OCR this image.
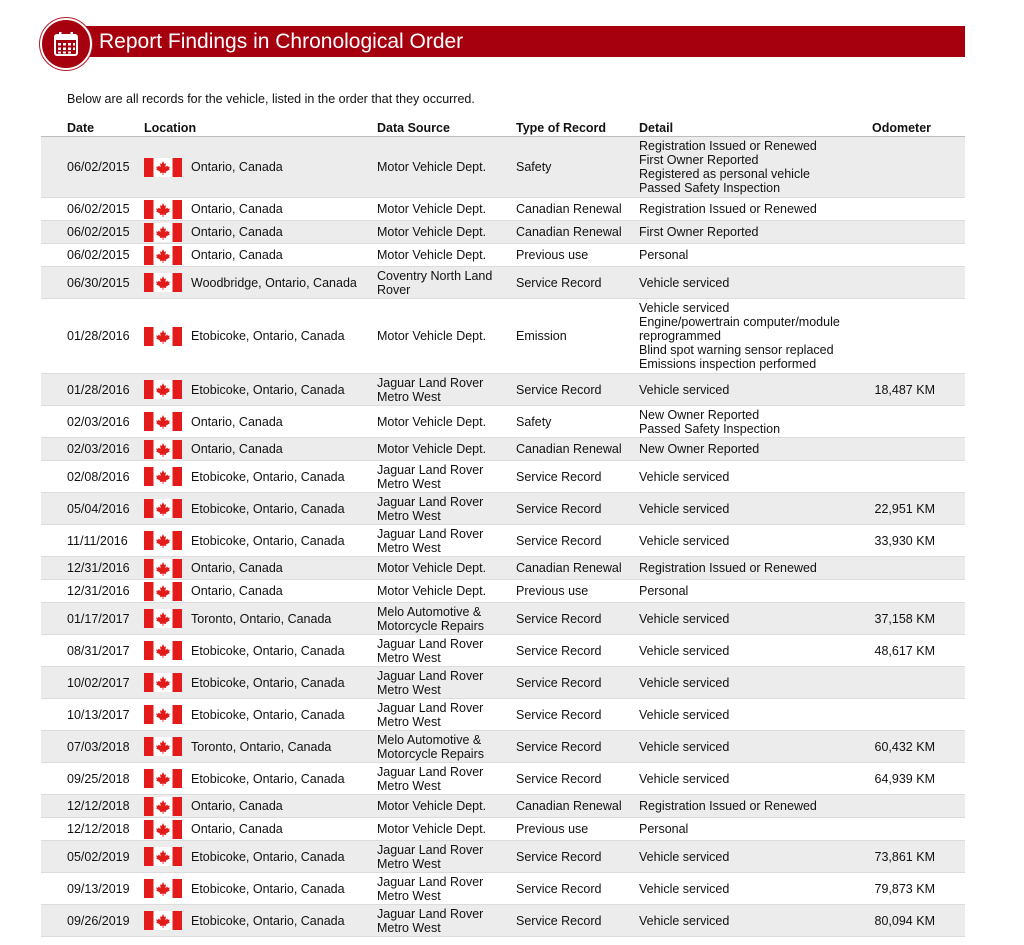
Report Findings in Chronological Order
Below are all records for the vehicle, listed in the order that they occurred.
Date	Location	Data Source	Type of Record	Detail	Odometer
06/02/2015	Ontario, Canada	Motor Vehicle Dept.	Safety
Registration Issued or Renewed
First Owner Reported
Registered as personal vehicle
Passed Safety Inspection
06/02/2015	Ontario, Canada	Motor Vehicle Dept.	Canadian Renewal	Registration Issued or Renewed
06/02/2015	Ontario, Canada	Motor Vehicle Dept.	Canadian Renewal	First Owner Reported
06/02/2015	Ontario, Canada	Motor Vehicle Dept.	Previous use	Personal
06/30/2015	Woodbridge, Ontario, Canada	Coventry North Land Rover	Service Record	Vehicle serviced
01/28/2016	Etobicoke, Ontario, Canada	Motor Vehicle Dept.	Emission
Vehicle serviced
Engine/powertrain computer/module reprogrammed
Blind spot warning sensor replaced
Emissions inspection performed
01/28/2016	Etobicoke, Ontario, Canada	Jaguar Land Rover Metro West	Service Record	Vehicle serviced	18,487 KM
02/03/2016	Ontario, Canada	Motor Vehicle Dept.	Safety	New Owner Reported
Passed Safety Inspection
02/03/2016	Ontario, Canada	Motor Vehicle Dept.	Canadian Renewal	New Owner Reported
02/08/2016	Etobicoke, Ontario, Canada	Jaguar Land Rover Metro West	Service Record	Vehicle serviced
05/04/2016	Etobicoke, Ontario, Canada	Jaguar Land Rover Metro West	Service Record	Vehicle serviced	22,951 KM
11/11/2016	Etobicoke, Ontario, Canada	Jaguar Land Rover Metro West	Service Record	Vehicle serviced	33,930 KM
12/31/2016	Ontario, Canada	Motor Vehicle Dept.	Canadian Renewal	Registration Issued or Renewed
12/31/2016	Ontario, Canada	Motor Vehicle Dept.	Previous use	Personal
01/17/2017	Toronto, Ontario, Canada	Melo Automotive & Motorcycle Repairs	Service Record	Vehicle serviced	37,158 KM
08/31/2017	Etobicoke, Ontario, Canada	Jaguar Land Rover Metro West	Service Record	Vehicle serviced	48,617 KM
10/02/2017	Etobicoke, Ontario, Canada	Jaguar Land Rover Metro West	Service Record	Vehicle serviced
10/13/2017	Etobicoke, Ontario, Canada	Jaguar Land Rover Metro West	Service Record	Vehicle serviced
07/03/2018	Toronto, Ontario, Canada	Melo Automotive & Motorcycle Repairs	Service Record	Vehicle serviced	60,432 KM
09/25/2018	Etobicoke, Ontario, Canada	Jaguar Land Rover Metro West	Service Record	Vehicle serviced	64,939 KM
12/12/2018	Ontario, Canada	Motor Vehicle Dept.	Canadian Renewal	Registration Issued or Renewed
12/12/2018	Ontario, Canada	Motor Vehicle Dept.	Previous use	Personal
05/02/2019	Etobicoke, Ontario, Canada	Jaguar Land Rover Metro West	Service Record	Vehicle serviced	73,861 KM
09/13/2019	Etobicoke, Ontario, Canada	Jaguar Land Rover Metro West	Service Record	Vehicle serviced	79,873 KM
09/26/2019	Etobicoke, Ontario, Canada	Jaguar Land Rover Metro West	Service Record	Vehicle serviced	80,094 KM
